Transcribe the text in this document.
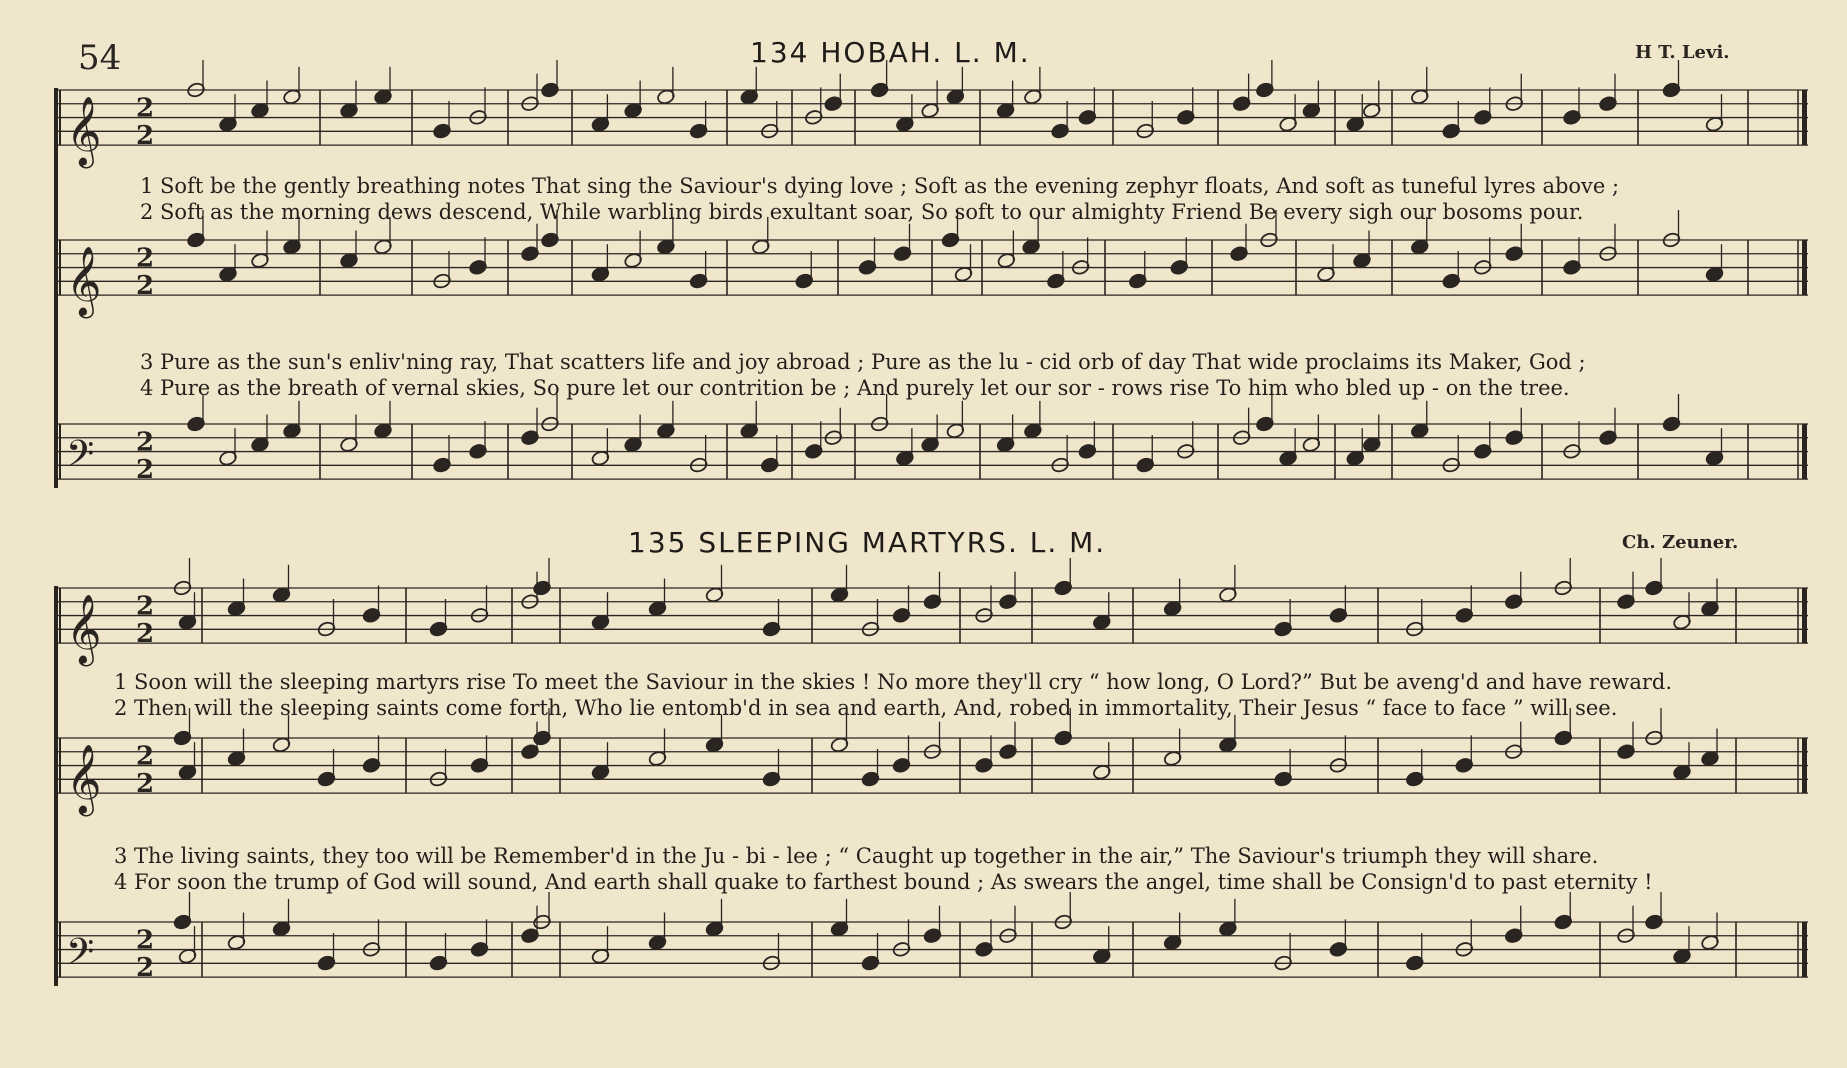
54	134 HOBAH. L. M.	H T. Levi.
𝄞 2
2
𝄞 2
2
𝄢 2
2
𝄞 2
2
𝄞 2
2
𝄢 2
2
1 Soft be the gently breathing notes That sing the Saviour's dying love ; Soft as the evening zephyr floats, And soft as tuneful lyres above ;
2 Soft as the morning dews descend, While warbling birds exultant soar, So soft to our almighty Friend Be every sigh our bosoms pour.
3 Pure as the sun's enliv'ning ray, That scatters life and joy abroad ; Pure as the lu - cid orb of day That wide proclaims its Maker, God ;
4 Pure as the breath of vernal skies, So pure let our contrition be ; And purely let our sor - rows rise To him who bled up - on the tree.
135 SLEEPING MARTYRS. L. M.	Ch. Zeuner.
1 Soon will the sleeping martyrs rise To meet the Saviour in the skies ! No more they'll cry “ how long, O Lord?” But be aveng'd and have reward.
2 Then will the sleeping saints come forth, Who lie entomb'd in sea and earth, And, robed in immortality, Their Jesus “ face to face ” will see.
3 The living saints, they too will be Remember'd in the Ju - bi - lee ; “ Caught up together in the air,” The Saviour's triumph they will share.
4 For soon the trump of God will sound, And earth shall quake to farthest bound ; As swears the angel, time shall be Consign'd to past eternity !
